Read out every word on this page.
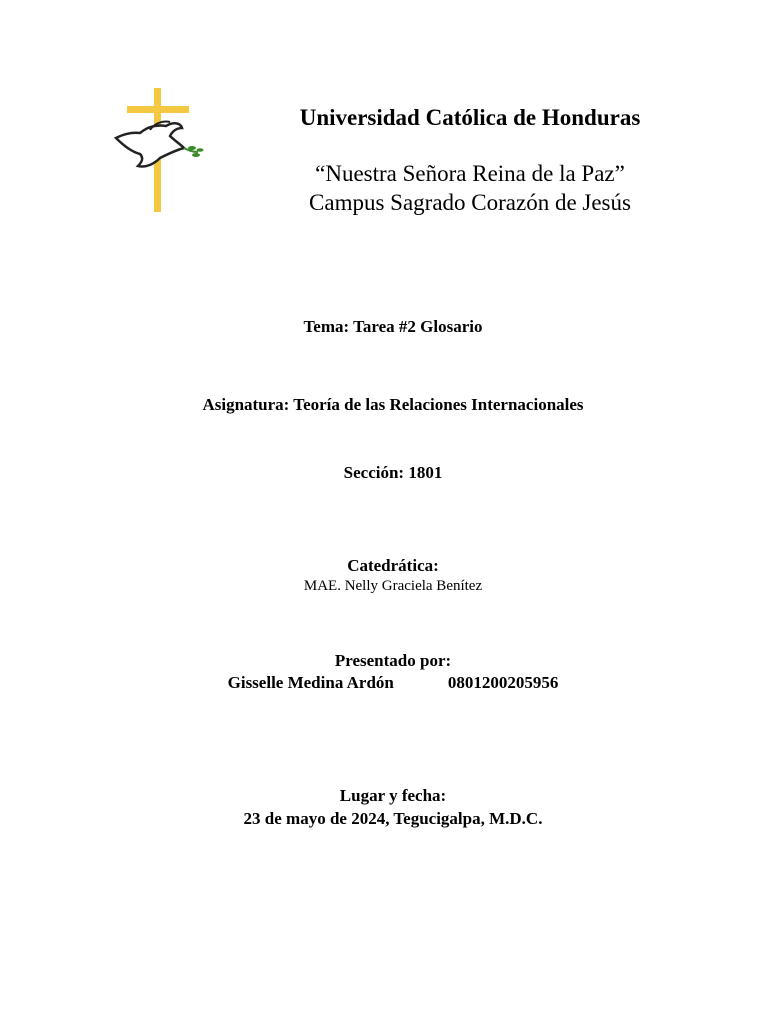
Universidad Católica de Honduras
“Nuestra Señora Reina de la Paz”
Campus Sagrado Corazón de Jesús
Tema: Tarea #2 Glosario
Asignatura: Teoría de las Relaciones Internacionales
Sección: 1801
Catedrática:
MAE. Nelly Graciela Benítez
Presentado por:
Gisselle Medina Ardón	0801200205956
Lugar y fecha:
23 de mayo de 2024, Tegucigalpa, M.D.C.
